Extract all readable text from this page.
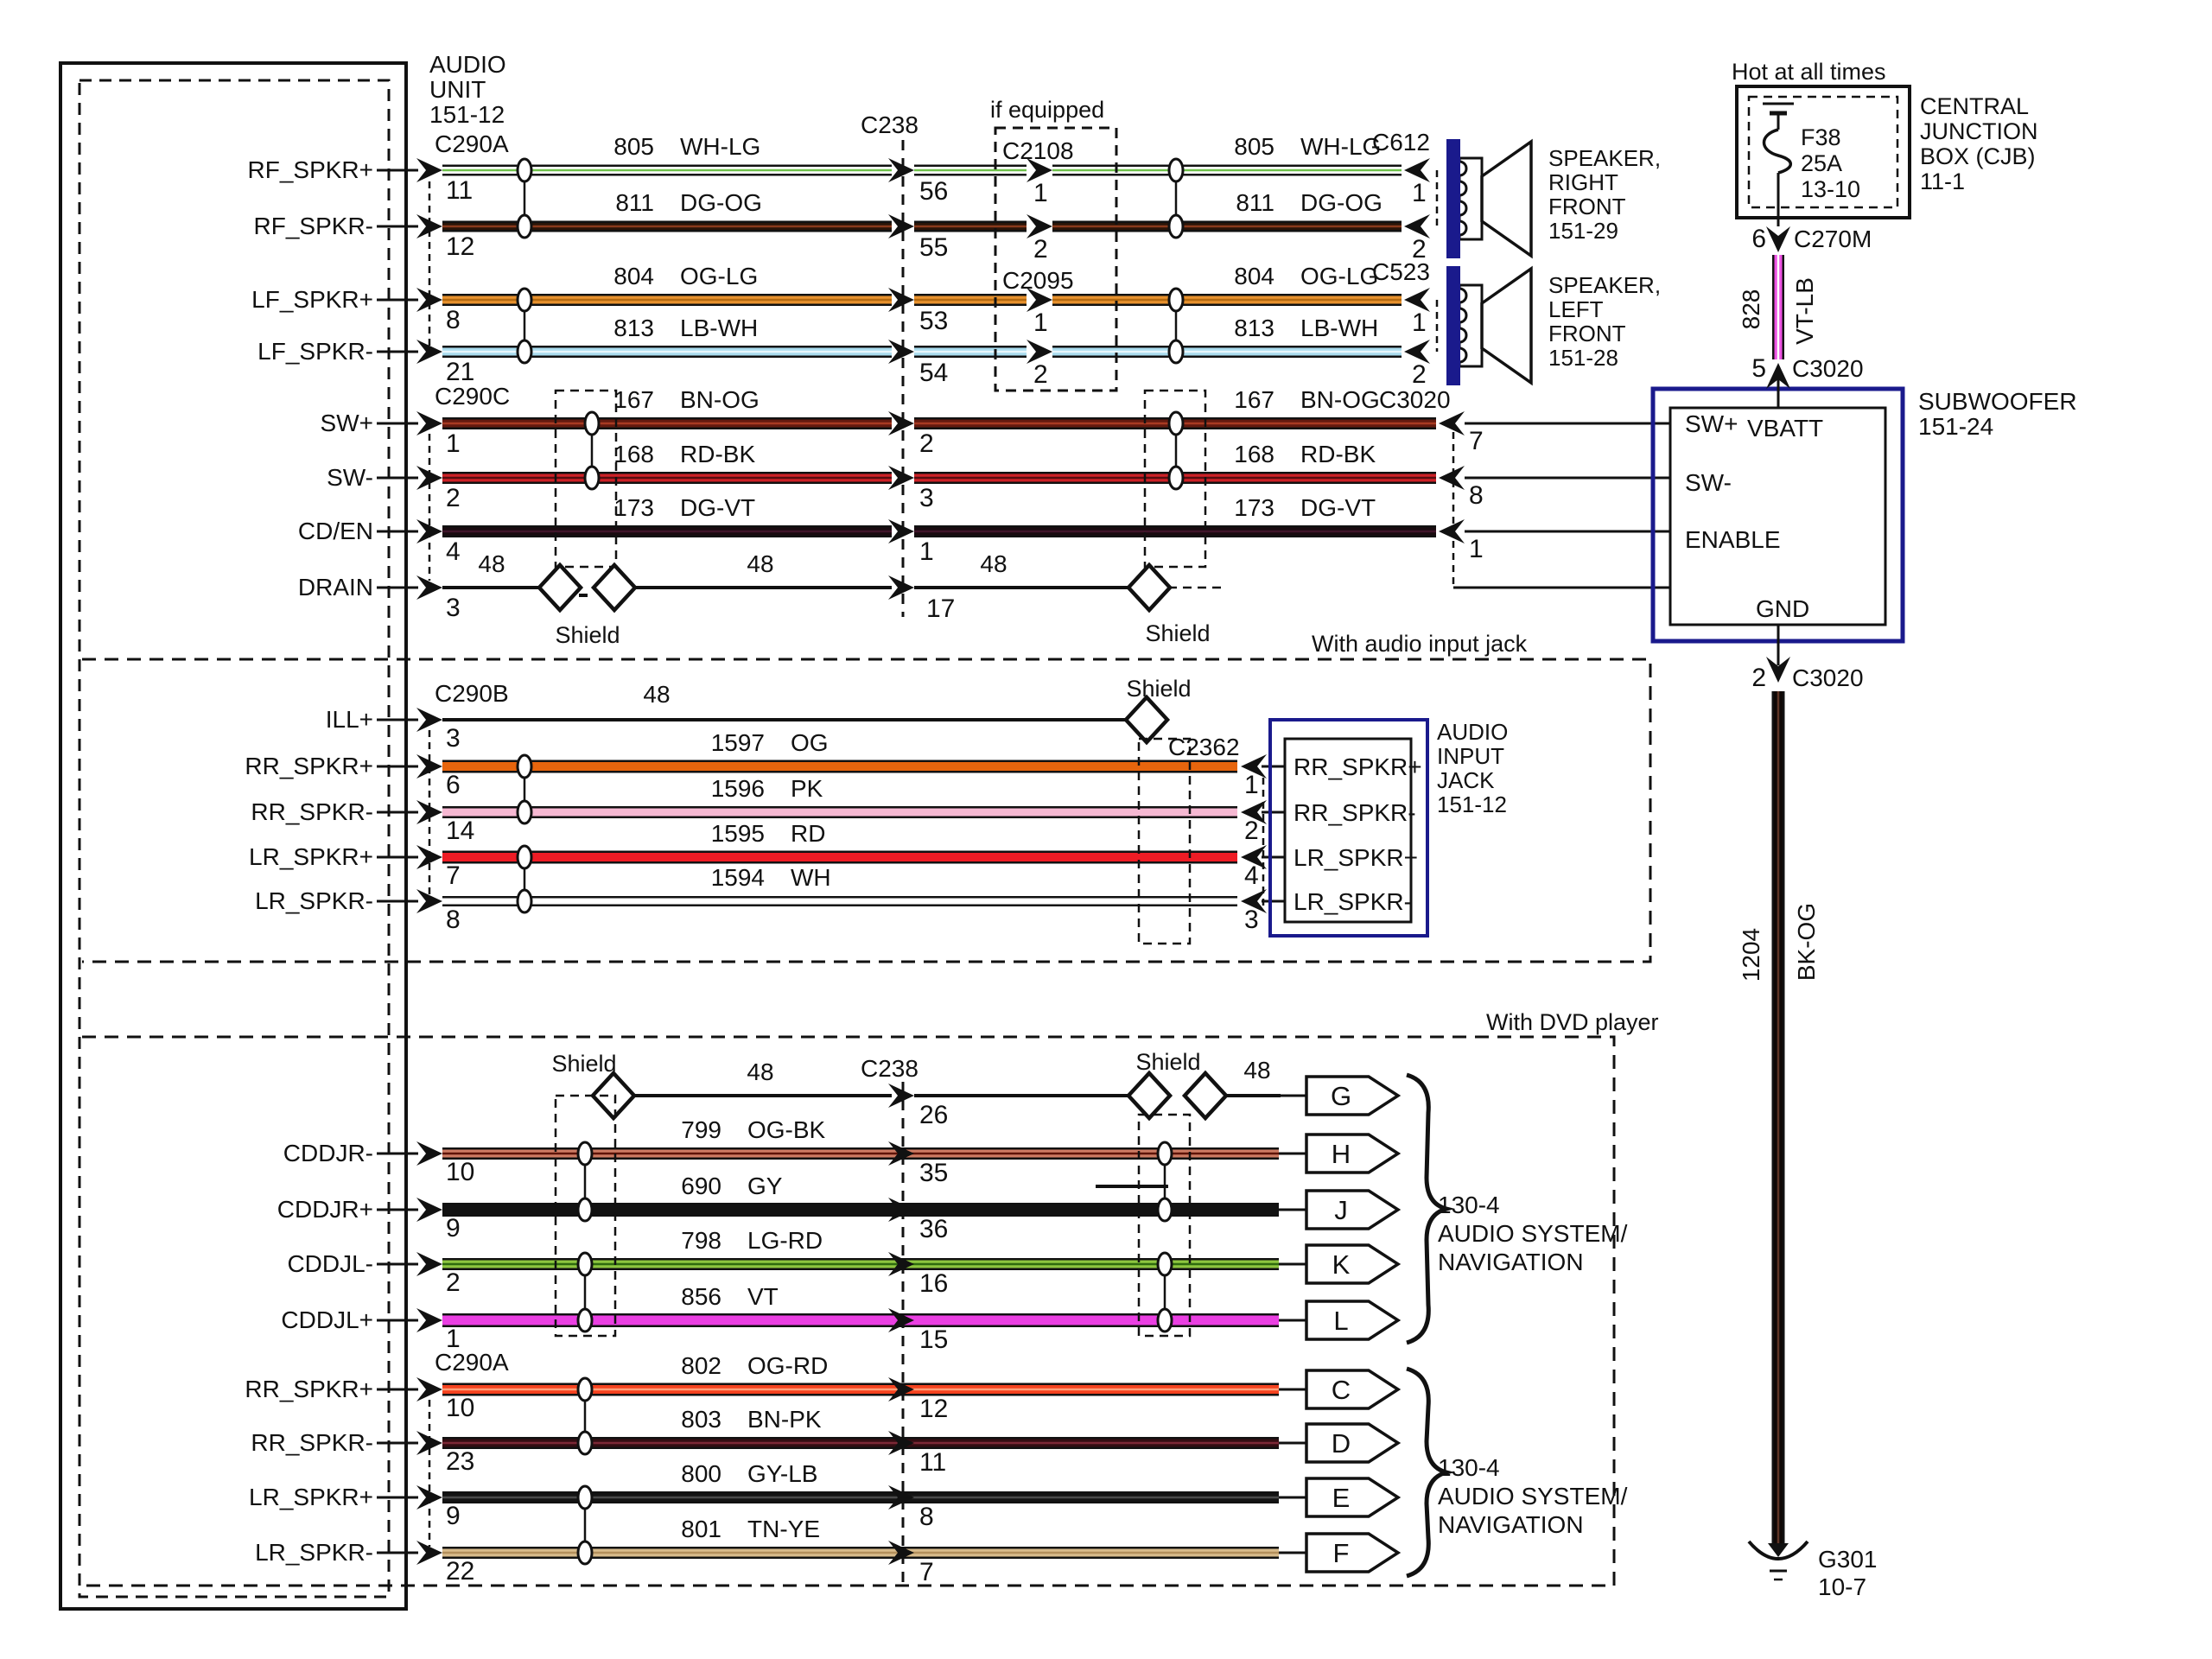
AUDIO
UNIT
151-12
With audio input jack
With DVD player
C238
C238
C290A
RF_SPKR+
11
805 WH-LG
56	1
805 WH-LG
1
RF_SPKR-
12
811 DG-OG
55	2
811 DG-OG
2
LF_SPKR+
8
804 OG-LG
53	1
804 OG-LG
1
LF_SPKR-
21
813 LB-WH
54	2
813 LB-WH
2
if equipped
C2108
C2095
C612
C523
SPEAKER,
RIGHT
FRONT
151-29
SPEAKER,
LEFT
FRONT
151-28
C290C
SW+
1
167 BN-OG	167 BN-OG
2	7
SW-
2
168 RD-BK	168 RD-BK
3	8
CD/EN
4
173 DG-VT	173 DG-VT
1	1
DRAIN
3
48	48	48
17
Shield	Shield
C3020
SW+ VBATT
SW-
ENABLE
GND
SUBWOOFER
151-24
5 C3020
828 VT-LB
6 C270M
F38
25A
13-10
Hot at all times
CENTRAL
JUNCTION
BOX (CJB)
11-1
2 C3020
1204 BK-OG
G301
10-7
C290B
ILL+
3
48
RR_SPKR+
6
1597 OG
1
RR_SPKR+
RR_SPKR-
14
1596 PK
2
RR_SPKR-
LR_SPKR+
7
1595 RD
4
LR_SPKR+
LR_SPKR-
8
1594 WH
3
LR_SPKR-
Shield
C2362
AUDIO
INPUT
JACK
151-12
Shield	48	Shield 48
26
G
CDDJR-
10
799 OG-BK
35
H
CDDJR+
9
690 GY
36
J
CDDJL-
2
798 LG-RD
16
K
CDDJL+
1
856 VT
15
L
130-4
AUDIO SYSTEM/
NAVIGATION
C290A
RR_SPKR+
10
802 OG-RD
12
C
RR_SPKR-
23
803 BN-PK
11
D
LR_SPKR+
9
800 GY-LB
8
E
LR_SPKR-
22
801 TN-YE
7
F
130-4
AUDIO SYSTEM/
NAVIGATION
